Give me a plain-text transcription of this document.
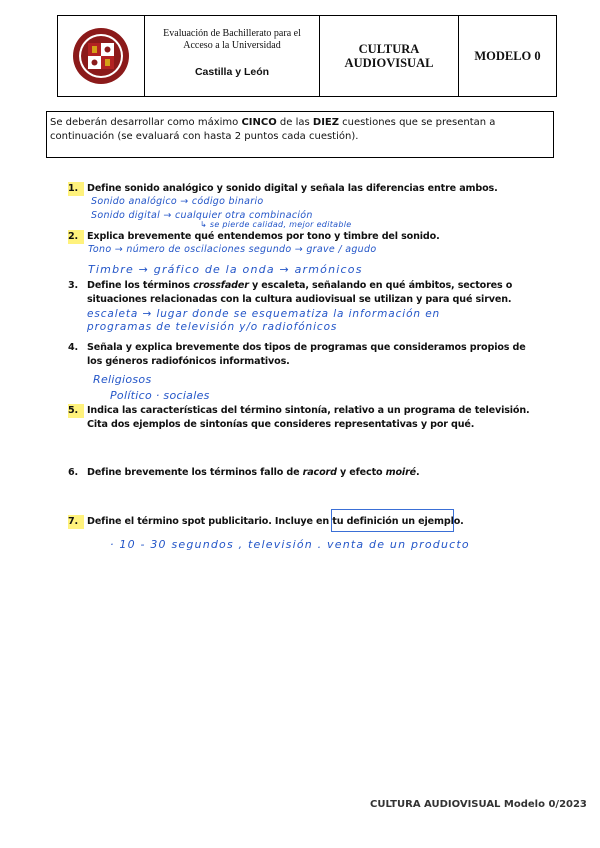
Evaluación de Bachillerato para el
Acceso a la Universidad
Castilla y León
CULTURA
AUDIOVISUAL
MODELO 0
Se deberán desarrollar como máximo CINCO de las DIEZ cuestiones que se presentan a continuación (se evaluará con hasta 2 puntos cada cuestión).
1. Define sonido analógico y sonido digital y señala las diferencias entre ambos.
Sonido analógico → código binario
Sonido digital → cualquier otra combinación
↳ se pierde calidad, mejor editable
2. Explica brevemente qué entendemos por tono y timbre del sonido.
Tono → número de oscilaciones segundo → grave / agudo
Timbre → gráfico de la onda → armónicos
3. Define los términos crossfader y escaleta, señalando en qué ámbitos, sectores o situaciones relacionadas con la cultura audiovisual se utilizan y para qué sirven.
escaleta → lugar donde se esquematiza la información en
programas de televisión y/o radiofónicos
4. Señala y explica brevemente dos tipos de programas que consideramos propios de los géneros radiofónicos informativos.
Religiosos
Político · sociales
5. Indica las características del término sintonía, relativo a un programa de televisión. Cita dos ejemplos de sintonías que consideres representativas y por qué.
6. Define brevemente los términos fallo de racord y efecto moiré.
7. Define el término spot publicitario. Incluye en tu definición un ejemplo.
· 10 - 30 segundos , televisión . venta de un producto
CULTURA AUDIOVISUAL Modelo 0/2023
